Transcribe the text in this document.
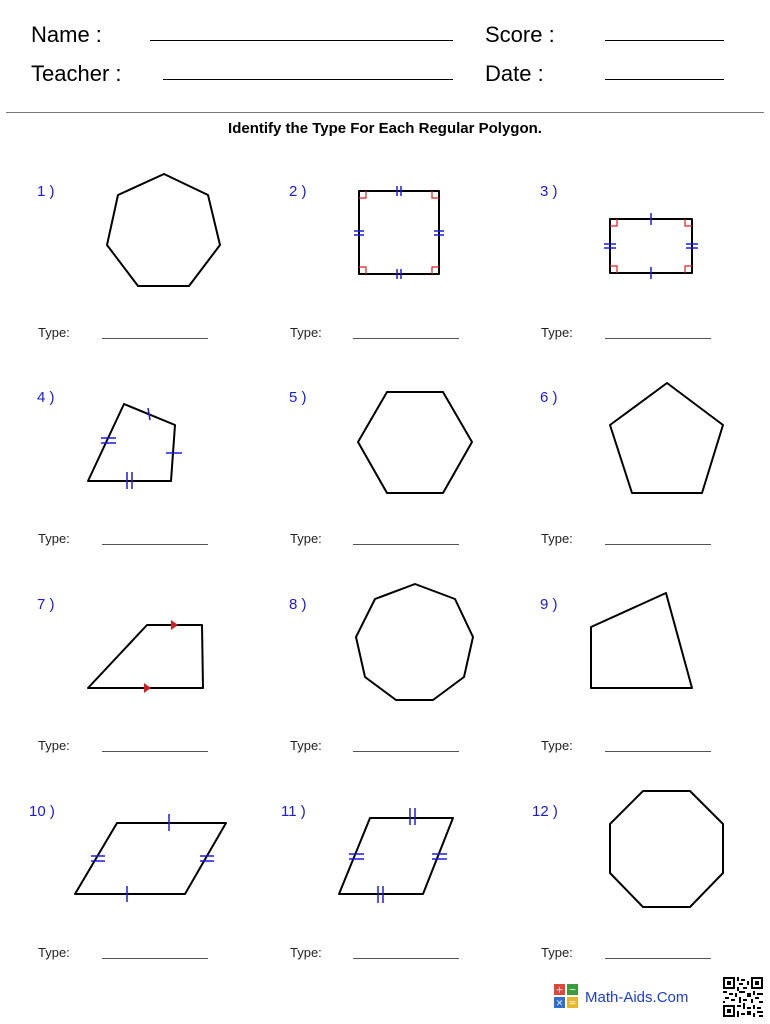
Name :
Teacher :
Score :
Date :
Identify the Type For Each Regular Polygon.
1 )	2 )	3 )
4 )	5 )	6 )
7 )	8 )	9 )
10 )	11 )	12 )
Type:	Type:	Type:
Type:	Type:	Type:
Type:	Type:	Type:
Type:	Type:	Type:
+ −
× = Math-Aids.Com
